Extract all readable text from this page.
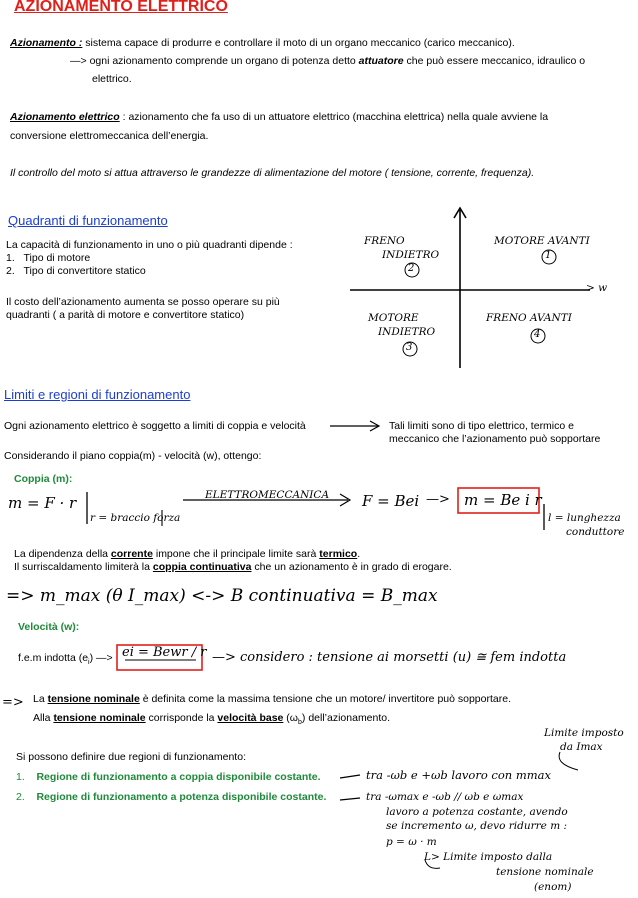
AZIONAMENTO ELETTRICO
Azionamento : sistema capace di produrre e controllare il moto di un organo meccanico (carico meccanico).
—> ogni azionamento comprende un organo di potenza detto attuatore che può essere meccanico, idraulico o
elettrico.
Azionamento elettrico : azionamento che fa uso di un attuatore elettrico (macchina elettrica) nella quale avviene la
conversione elettromeccanica dell’energia.
Il controllo del moto si attua attraverso le grandezze di alimentazione del motore ( tensione, corrente, frequenza).
Quadranti di funzionamento
La capacità di funzionamento in uno o più quadranti dipende :
1.   Tipo di motore
2.   Tipo di convertitore statico
Il costo dell’azionamento aumenta se posso operare su più
quadranti ( a parità di motore e convertitore statico)
FRENO
INDIETRO
2
MOTORE AVANTI
1
MOTORE
INDIETRO
3
FRENO AVANTI
4
> w
Limiti e regioni di funzionamento
Ogni azionamento elettrico è soggetto a limiti di coppia e velocità	Tali limiti sono di tipo elettrico, termico e
meccanico che l’azionamento può sopportare
Considerando il piano coppia(m) - velocità (w), ottengo:
Coppia (m):
m = F · r
r = braccio forza
ELETTROMECCANICA F = Bei —> m = Be i r
l = lunghezza
conduttore
La dipendenza della corrente impone che il principale limite sarà termico.
Il surriscaldamento limiterà la coppia continuativa che un azionamento è in grado di erogare.
=> m_max (θ I_max) <-> B continuativa = B_max
Velocità (w):
f.e.m indotta $(e_i)$ —> ei = Bewr / r —> considero : tensione ai morsetti (u) ≅ fem indotta
=> La tensione nominale è definita come la massima tensione che un motore/ invertitore può sopportare.
Alla tensione nominale corrisponde la velocità base $(\omega_b)$ dell’azionamento.
Limite imposto
da Imax
Si possono definire due regioni di funzionamento:
1.    Regione di funzionamento a coppia disponibile costante.
2.    Regione di funzionamento a potenza disponibile costante.
tra -ωb e +ωb lavoro con mmax
tra -ωmax e -ωb // ωb e ωmax
lavoro a potenza costante, avendo
se incremento ω, devo ridurre m :
p = ω · m
L> Limite imposto dalla
tensione nominale
(enom)
